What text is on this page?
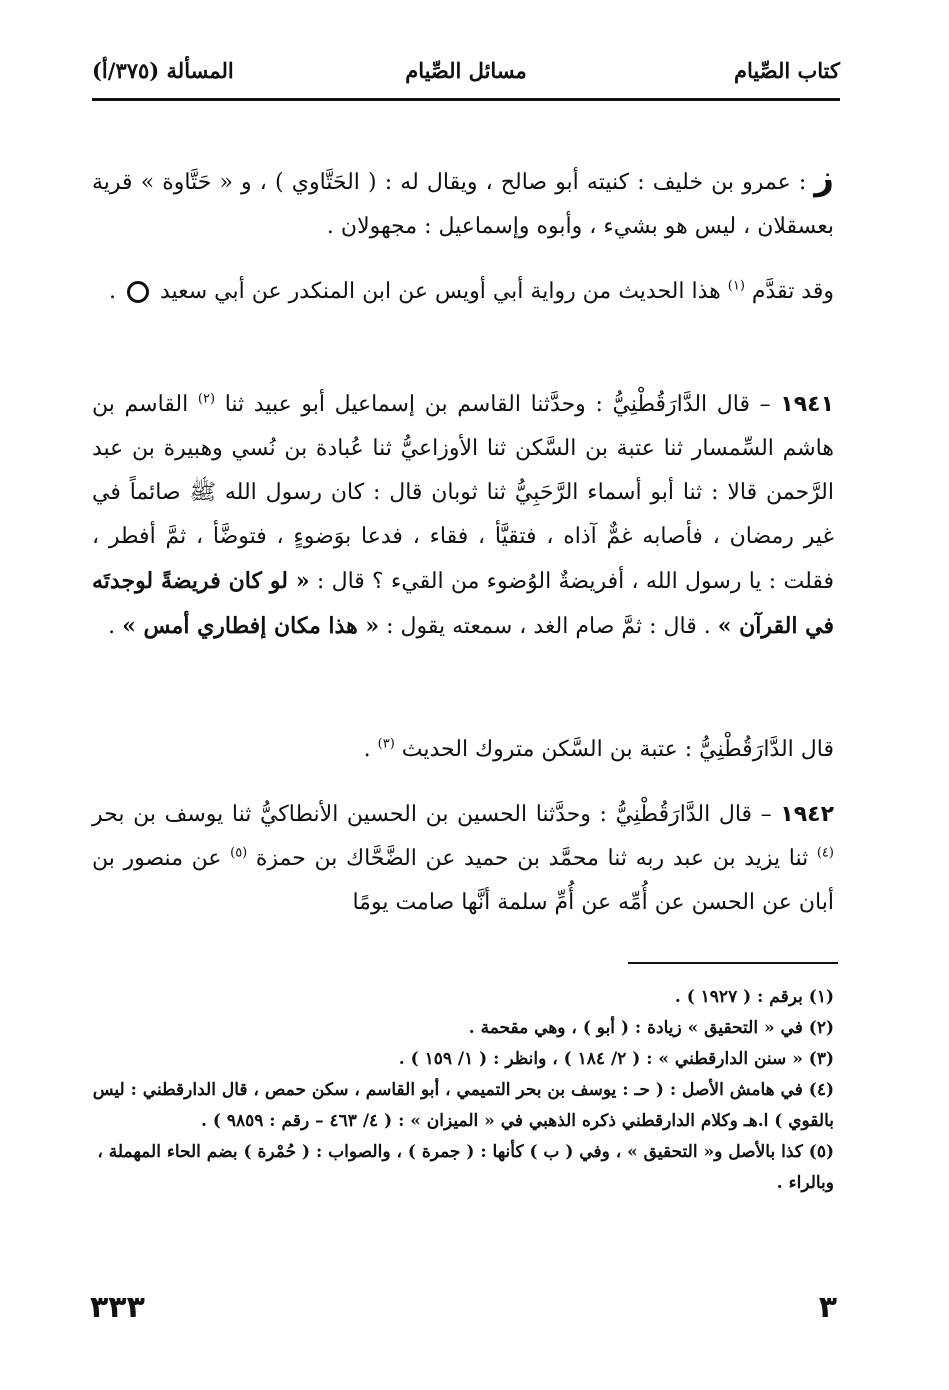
كتاب الصِّيام
مسائل الصِّيام
المسألة (٣٧٥/أ)

ز : عمرو بن خليف : كنيته أبو صالح ، ويقال له : ( الحَتَّاوي ) ، و « حَتَّاوة » قرية بعسقلان ، ليس هو بشيء ، وأبوه وإسماعيل : مجهولان .

وقد تقدَّم $^{(١)}$ هذا الحديث من رواية أبي أويس عن ابن المنكدر عن أبي سعيد  .

١٩٤١ – قال الدَّارَقُطْنِيُّ : وحدَّثنا القاسم بن إسماعيل أبو عبيد ثنا $^{(٢)}$ القاسم بن هاشم السِّمسار ثنا عتبة بن السَّكن ثنا الأوزاعيُّ ثنا عُبادة بن نُسي وهبيرة بن عبد الرَّحمن قالا : ثنا أبو أسماء الرَّحَبِيُّ ثنا ثوبان قال : كان رسول الله ﷺ صائماً في غير رمضان ، فأصابه غمٌّ آذاه ، فتقيَّأ ، فقاء ، فدعا بوَضوءٍ ، فتوضَّأ ، ثمَّ أفطر ، فقلت : يا رسول الله ، أفريضةٌ الوُضوء من القيء ؟ قال : « لو كان فريضةً لوجدتَه في القرآن » . قال : ثمَّ صام الغد ، سمعته يقول : « هذا مكان إفطاري أمس » .

قال الدَّارَقُطْنِيُّ : عتبة بن السَّكن متروك الحديث $^{(٣)}$ .

١٩٤٢ – قال الدَّارَقُطْنِيُّ : وحدَّثنا الحسين بن الحسين الأنطاكيُّ ثنا يوسف بن بحر $^{(٤)}$ ثنا يزيد بن عبد ربه ثنا محمَّد بن حميد عن الضَّحَّاك بن حمزة $^{(٥)}$ عن منصور بن أبان عن الحسن عن أُمِّه عن أُمِّ سلمة أنَّها صامت يومًا

(١) برقم : ( ١٩٢٧ ) .

(٢) في « التحقيق » زيادة : ( أبو ) ، وهي مقحمة .

(٣) « سنن الدارقطني » : ( ٢/ ١٨٤ ) ، وانظر : ( ١/ ١٥٩ ) .

(٤) في هامش الأصل : ( حـ : يوسف بن بحر التميمي ، أبو القاسم ، سكن حمص ، قال الدارقطني : ليس بالقوي ) ا.هـ وكلام الدارقطني ذكره الذهبي في « الميزان » : ( ٤/ ٤٦٣ – رقم : ٩٨٥٩ ) .

(٥) كذا بالأصل و« التحقيق » ، وفي ( ب ) كأنها : ( جمرة ) ، والصواب : ( حُمْرة ) بضم الحاء المهملة ، وبالراء .

٣٣٣	٣
